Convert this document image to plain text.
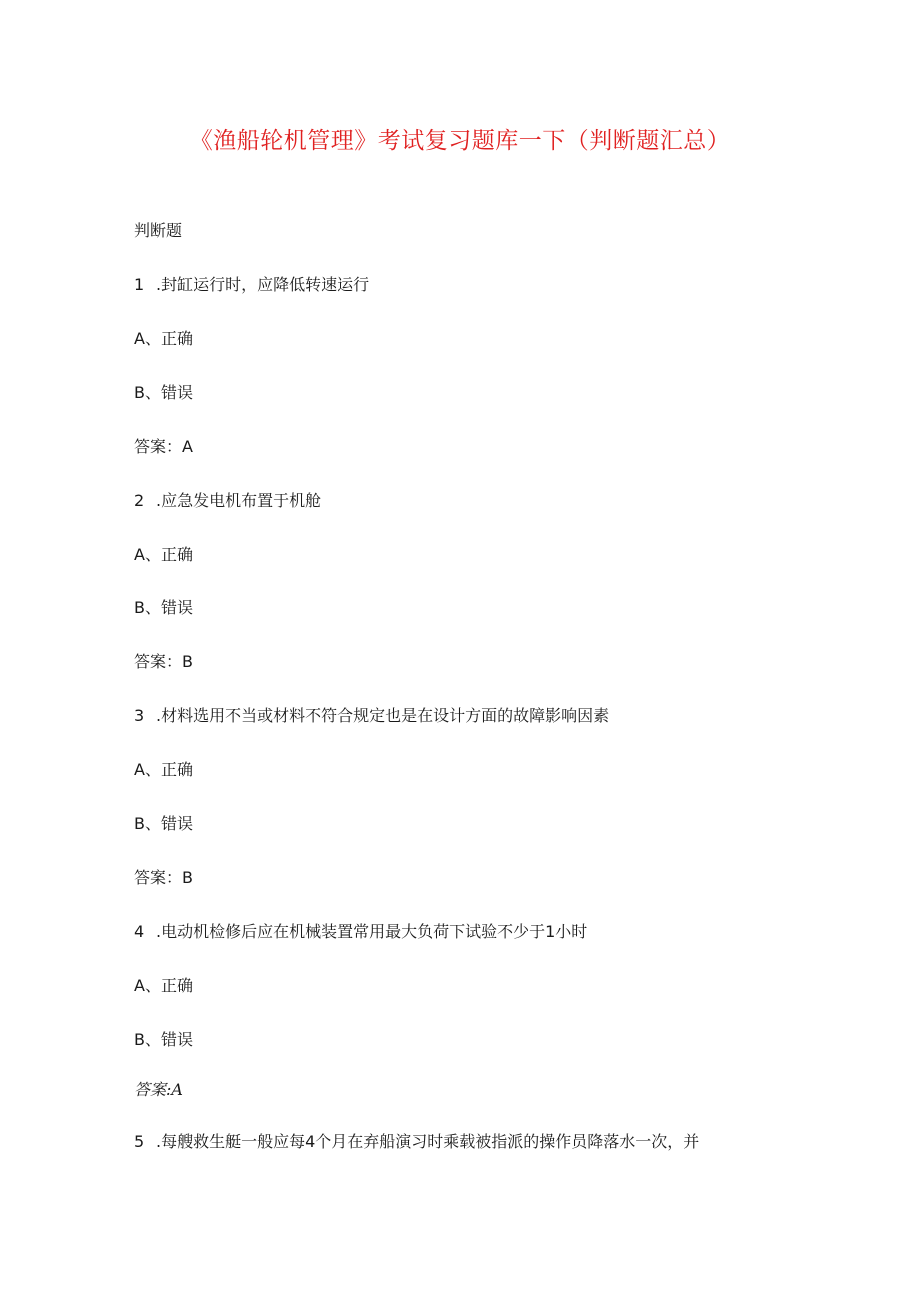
《渔船轮机管理》考试复习题库一下（判断题汇总）
判断题
1 .封缸运行时，应降低转速运行
A、正确
B、错误
答案：A
2 .应急发电机布置于机舱
A、正确
B、错误
答案：B
3 .材料选用不当或材料不符合规定也是在设计方面的故障影响因素
A、正确
B、错误
答案：B
4 .电动机检修后应在机械装置常用最大负荷下试验不少于1小时
A、正确
B、错误
答案:A
5 .每艘救生艇一般应每4个月在弃船演习时乘载被指派的操作员降落水一次，并
